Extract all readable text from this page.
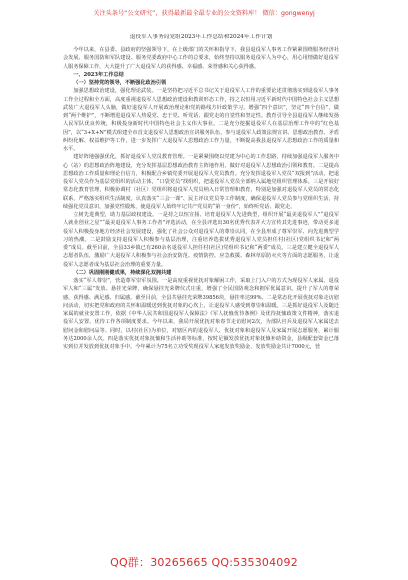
关注头条号“公文研究”，获得最新最全最专业的公文资料库！ 微信：gongwenyj

退役军人事务局党组2023年工作总结和2024年工作计划

今年以来，在县委、县政府的坚强领导下，在上级部门的关怀和指导下，我县退役军人事务工作紧紧围绕服务经济社会发展、服务国防和军队建设、服务党委政府中心工作的总要求，始终坚持以服务退役军人为中心，用心用情做好退役军人服务保障工作，大大提升了广大退役军人的获得感、幸福感、荣誉感和关心获得感。

一、2023年工作总结

（一）坚持党的领导，不断强化政治引领

加强思想政治建设，强化理论武装。一是坚持把习近平总书记关于退役军人工作的重要论述贯彻落实到退役军人事务工作全过程和全方面，高度重视退役军人思想政治建设和教训形态工作，持之以恒用习近平新时代中国特色社会主义思想武装广大退役军人头脑，做好退役军人开展政治理论和党的路线方针政策学习。增强“四个意识”，坚定“四个自信”，做到“两个维护”，不断增进退役军人热爱党、忠于党、听党话、跟党走的自觉性和坚定性。教育引导全县退役军人继续发扬人民军队优良传统，积极投身新时代中国特色社会主义伟大事业。二是充分挖掘退役军人在基层治理工作中的“红色基因”，以“3+X+N”模式组建全市首支退役军人思想政治宣讲服务队伍，参与退役军人政策法规宣讲、思想政治教育、矛盾纠纷化解、权益维护等工作，进一步发挥广大退役军人思想政治工作力量，不断提高我县退役军人思想政治工作的质量和水平。

建好阵地强强优化，抓好退役军人党员教育管理。一是紧紧围绕以党建为中心的工作思路，持续加强退役军人服务中心（站）的思想政治阵地建设，充分发挥基层思想政治教育主阵地作用，做好对退役军人思想政治引领和教育。二是提高思想政治工作质量和理论自信力，积极配合乡镇党委开展退役军人党员教育。充分发挥退役军人党员“双报到”活动，把退役军人党员作为基层党组织的活动主体，“口袋党员”找组织，把退役军人党员全部纳入属地党组织管理体系。三是开展好常态化教育管理，积极协调村（社区）党组织将退役军人党员纳入日常管理和教育，特别是加强对退役军人党员的常态化联系，严格落实组织生活制度。认真落实“三会一课”、民主评议党员等工作制度，确保退役军人党员参与党组织生活，持续强化党员意识，加强党性锻炼，使退役军人始终牢记共产党员的“第一身份”，始终听党话、跟党走。

立树先进典型，助力基层政权建设。一是持之以恒宣扬、培育退役军人先进典型，组织开展“最美退役军人”“退役军人就业创业之星”“最美退役军人事务工作者”评选活动，在全县评选出30名优秀代表并大力宣传其先进事迹，带动更多退役军人积极投身地方经济社会发展建设，强化了社会公众对退役军人的尊崇认同，在全县形成了尊军崇军、向先进典型学习的热潮。二是鼓励支持退役军人积极参与基层治理，注重培养选拔优秀退役军人党员担任村(社区)党组织书记和“两委”成员。截至目前，全县33乡镇已有260余名退役军人担任村(社区)党组织书记和“两委”成员。三是建立健全退役军人志愿者队伍，激励广大退役军人积极参与社会治安防范、疫情防控、应急救援、森林草原防灭火等方面的志愿服务，让退役军人志愿者成为基层社会治理的重要力量。

（二）巩固刚刚健成果，持续深化双拥共建

落实“军人尊崇”，营造尊军崇军氛围。一是高度重视优抚对象解困工作，采取上门入户的方式为现役军人家属、退役军人和“三属”发放、悬挂光荣牌，确保悬挂光荣牌仪式庄重，增强了全民国防观念和拥军优属意识。提升了军人的尊荣感，获得感、满足感、归属感。截至目前，全县共悬挂光荣牌39856块，悬挂率达99%。二是常态化开展优抚对象走访慰问活动，切实把党和政府的关怀和温暖送到优抚对象的心坎上，让退役军人感受到尊崇和温暖。三是抓好退役军人及随迁家属的就业安置工作，依据《中华人民共和国退役军人保障法》《军人抚恤优待条例》及优待抚恤政策文件精神，落实退役军人安置、优待工作各项制度要求。今年以来，我局开展优抚对象春节走访慰问2次，为部队官兵及退役军人家属送去慰问金和慰问品等。同时，以村(社区)为单位，对辖区内的退役军人、优抚对象和退役军人及家属开展志愿服务，累计服务达2000余人次。四是落实优抚对象抚恤和生活补助等标准，按时足额发放优抚对象抚恤补助资金，县级配套资金已落实到位并发放到优抚对象手中。今年累计为75名立功受奖现役军人家庭发放奖励金，发放奖励金共计7000元，营

QQ群：30265665 QQ:535304092
